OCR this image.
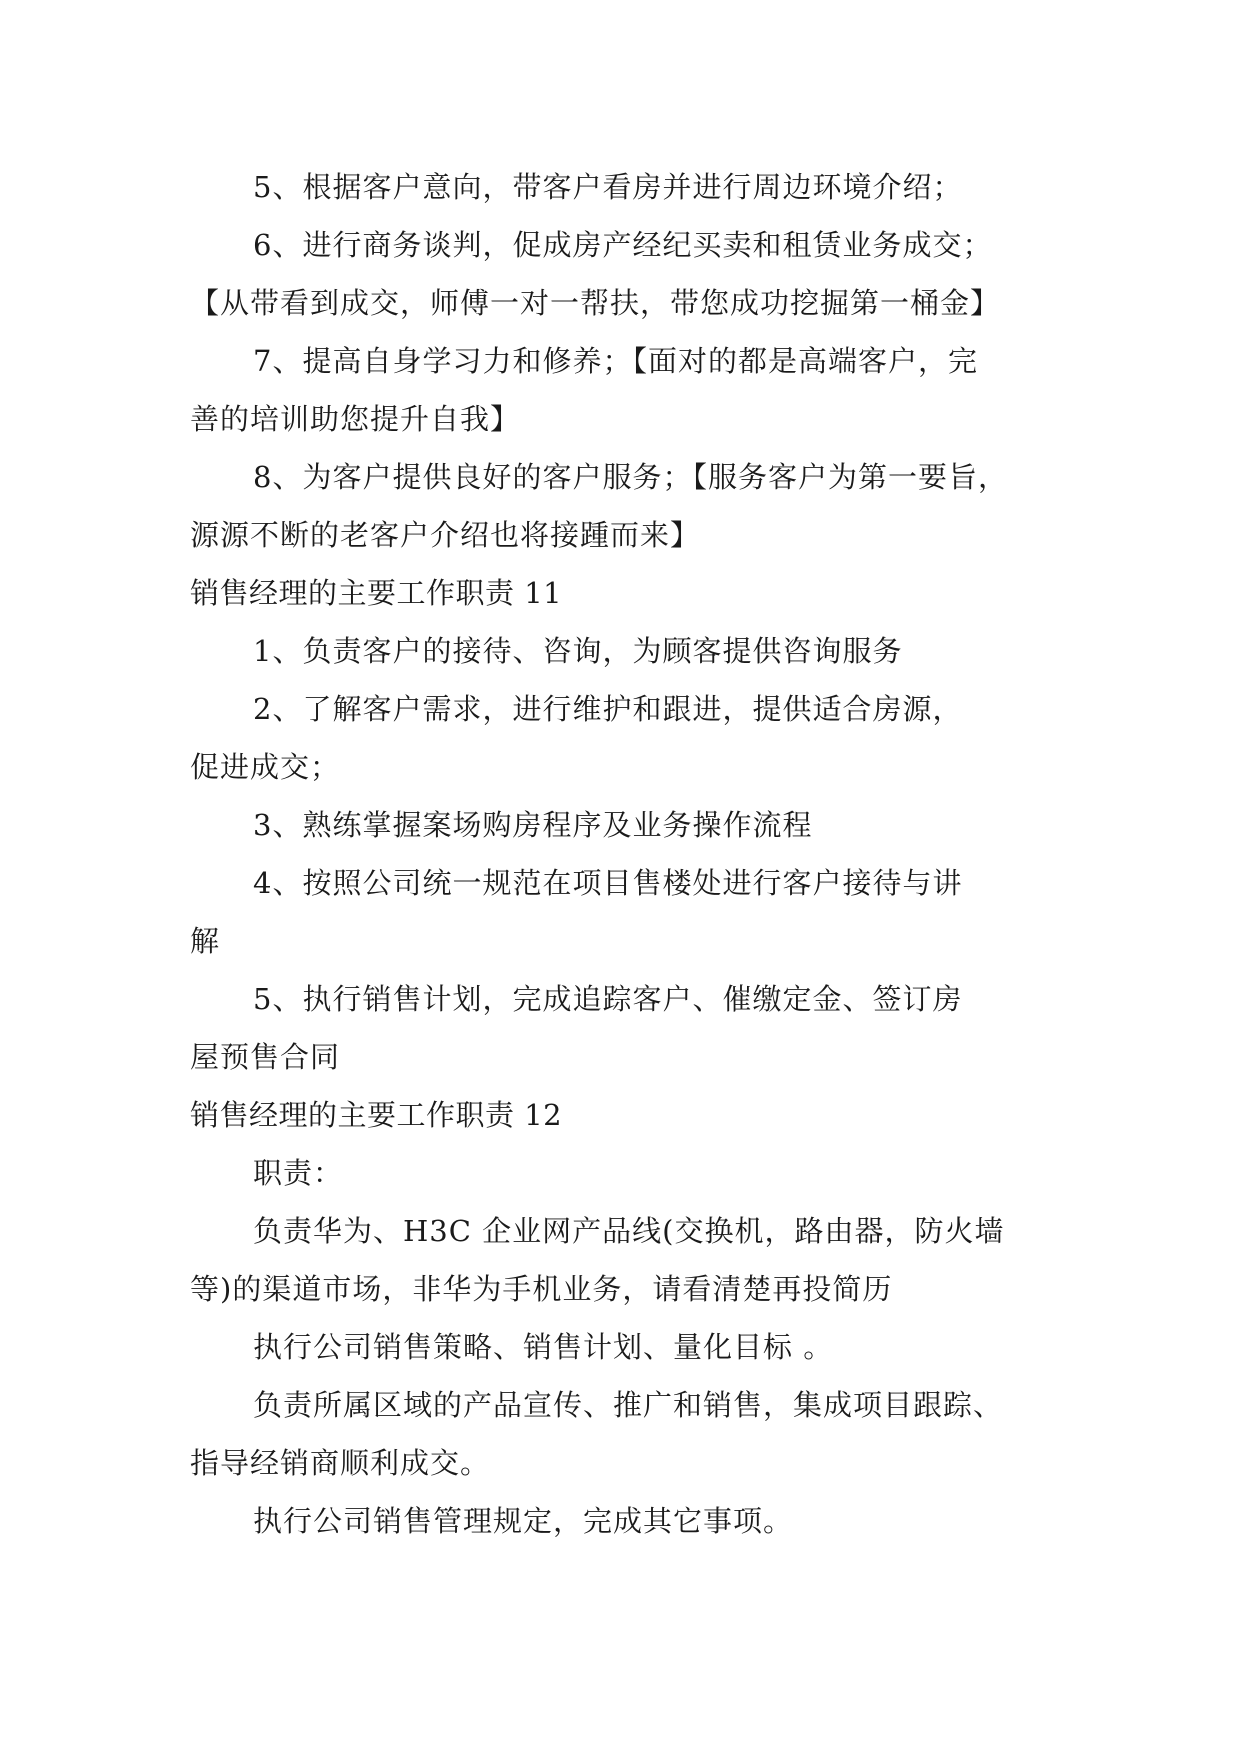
5、根据客户意向，带客户看房并进行周边环境介绍；
6、进行商务谈判，促成房产经纪买卖和租赁业务成交；
【从带看到成交，师傅一对一帮扶，带您成功挖掘第一桶金】
7、提高自身学习力和修养；【面对的都是高端客户，完
善的培训助您提升自我】
8、为客户提供良好的客户服务；【服务客户为第一要旨，
源源不断的老客户介绍也将接踵而来】
销售经理的主要工作职责 11
1、负责客户的接待、咨询，为顾客提供咨询服务
2、了解客户需求，进行维护和跟进，提供适合房源，
促进成交；
3、熟练掌握案场购房程序及业务操作流程
4、按照公司统一规范在项目售楼处进行客户接待与讲
解
5、执行销售计划，完成追踪客户、催缴定金、签订房
屋预售合同
销售经理的主要工作职责 12
职责：
负责华为、H3C 企业网产品线(交换机，路由器，防火墙
等)的渠道市场，非华为手机业务，请看清楚再投简历
执行公司销售策略、销售计划、量化目标 。
负责所属区域的产品宣传、推广和销售，集成项目跟踪、
指导经销商顺利成交。
执行公司销售管理规定，完成其它事项。
